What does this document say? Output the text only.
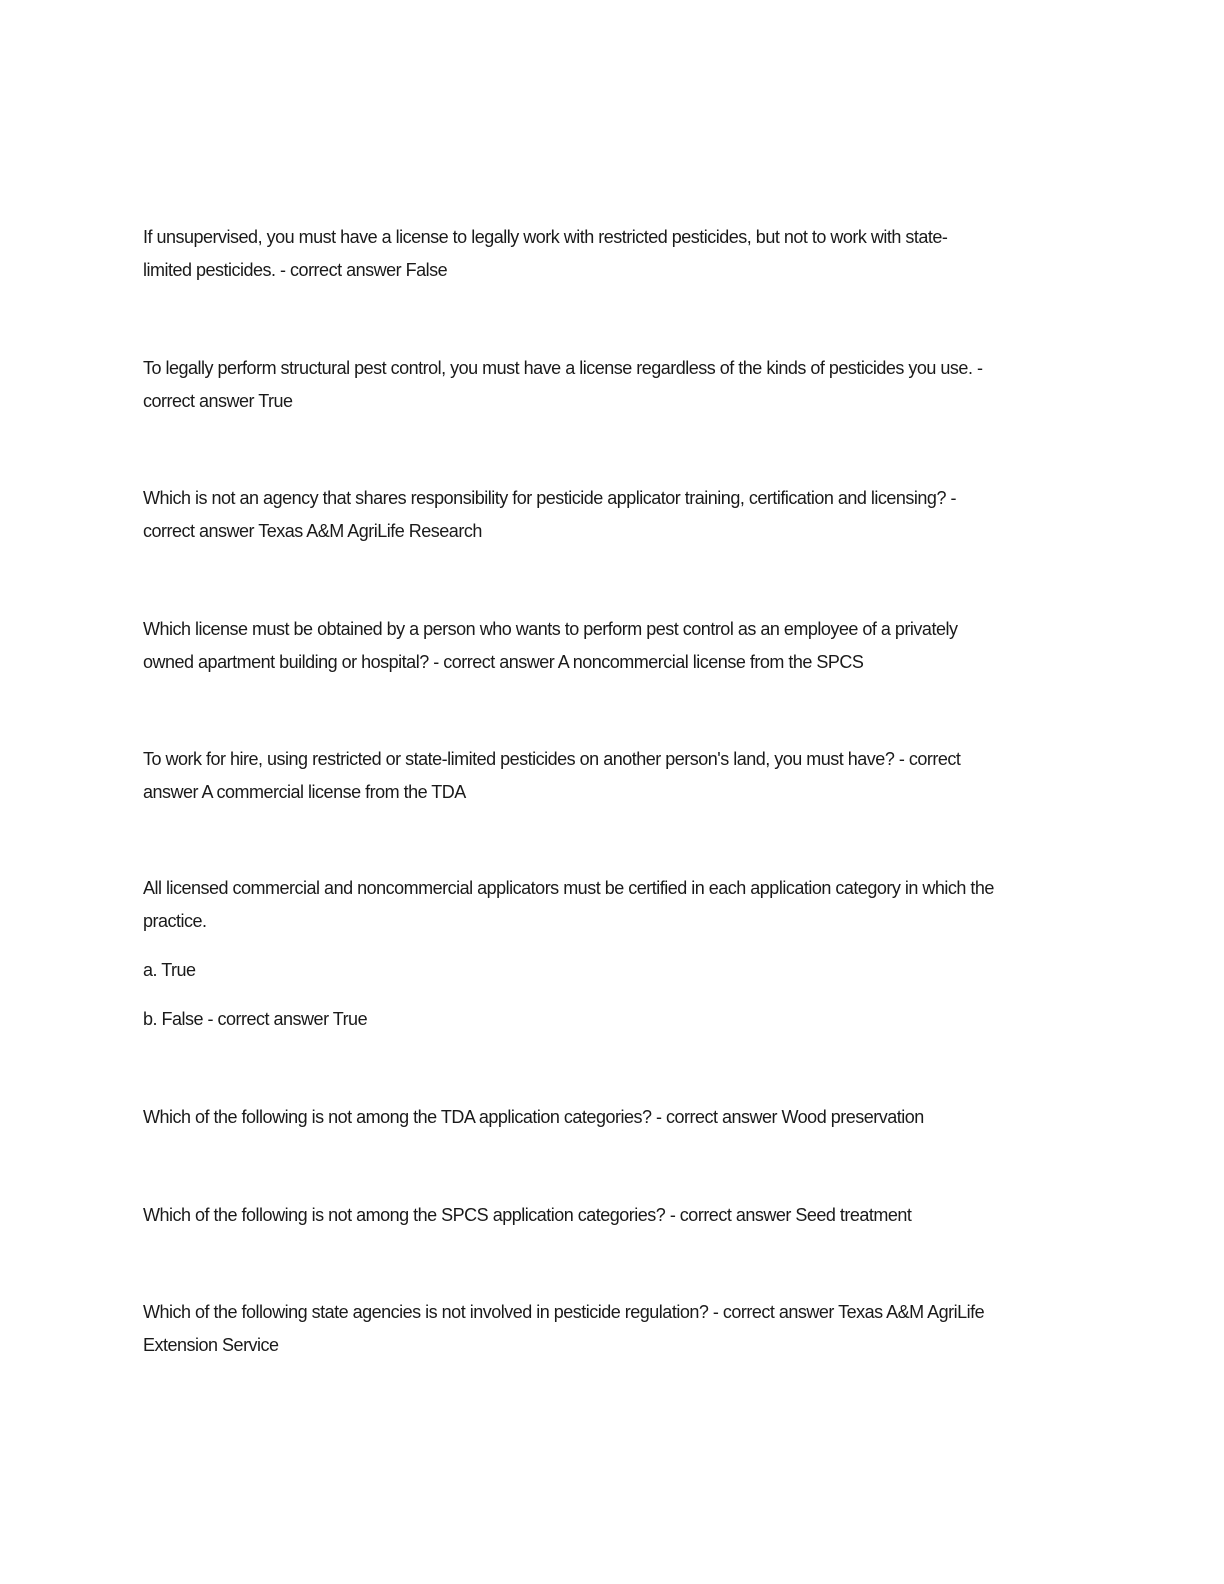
If unsupervised, you must have a license to legally work with restricted pesticides, but not to work with state-
limited pesticides. - correct answer False
To legally perform structural pest control, you must have a license regardless of the kinds of pesticides you use. -
correct answer True
Which is not an agency that shares responsibility for pesticide applicator training, certification and licensing? -
correct answer Texas A&M AgriLife Research
Which license must be obtained by a person who wants to perform pest control as an employee of a privately
owned apartment building or hospital? - correct answer A noncommercial license from the SPCS
To work for hire, using restricted or state-limited pesticides on another person's land, you must have? - correct
answer A commercial license from the TDA
All licensed commercial and noncommercial applicators must be certified in each application category in which the
practice.
a. True
b. False - correct answer True
Which of the following is not among the TDA application categories? - correct answer Wood preservation
Which of the following is not among the SPCS application categories? - correct answer Seed treatment
Which of the following state agencies is not involved in pesticide regulation? - correct answer Texas A&M AgriLife
Extension Service
